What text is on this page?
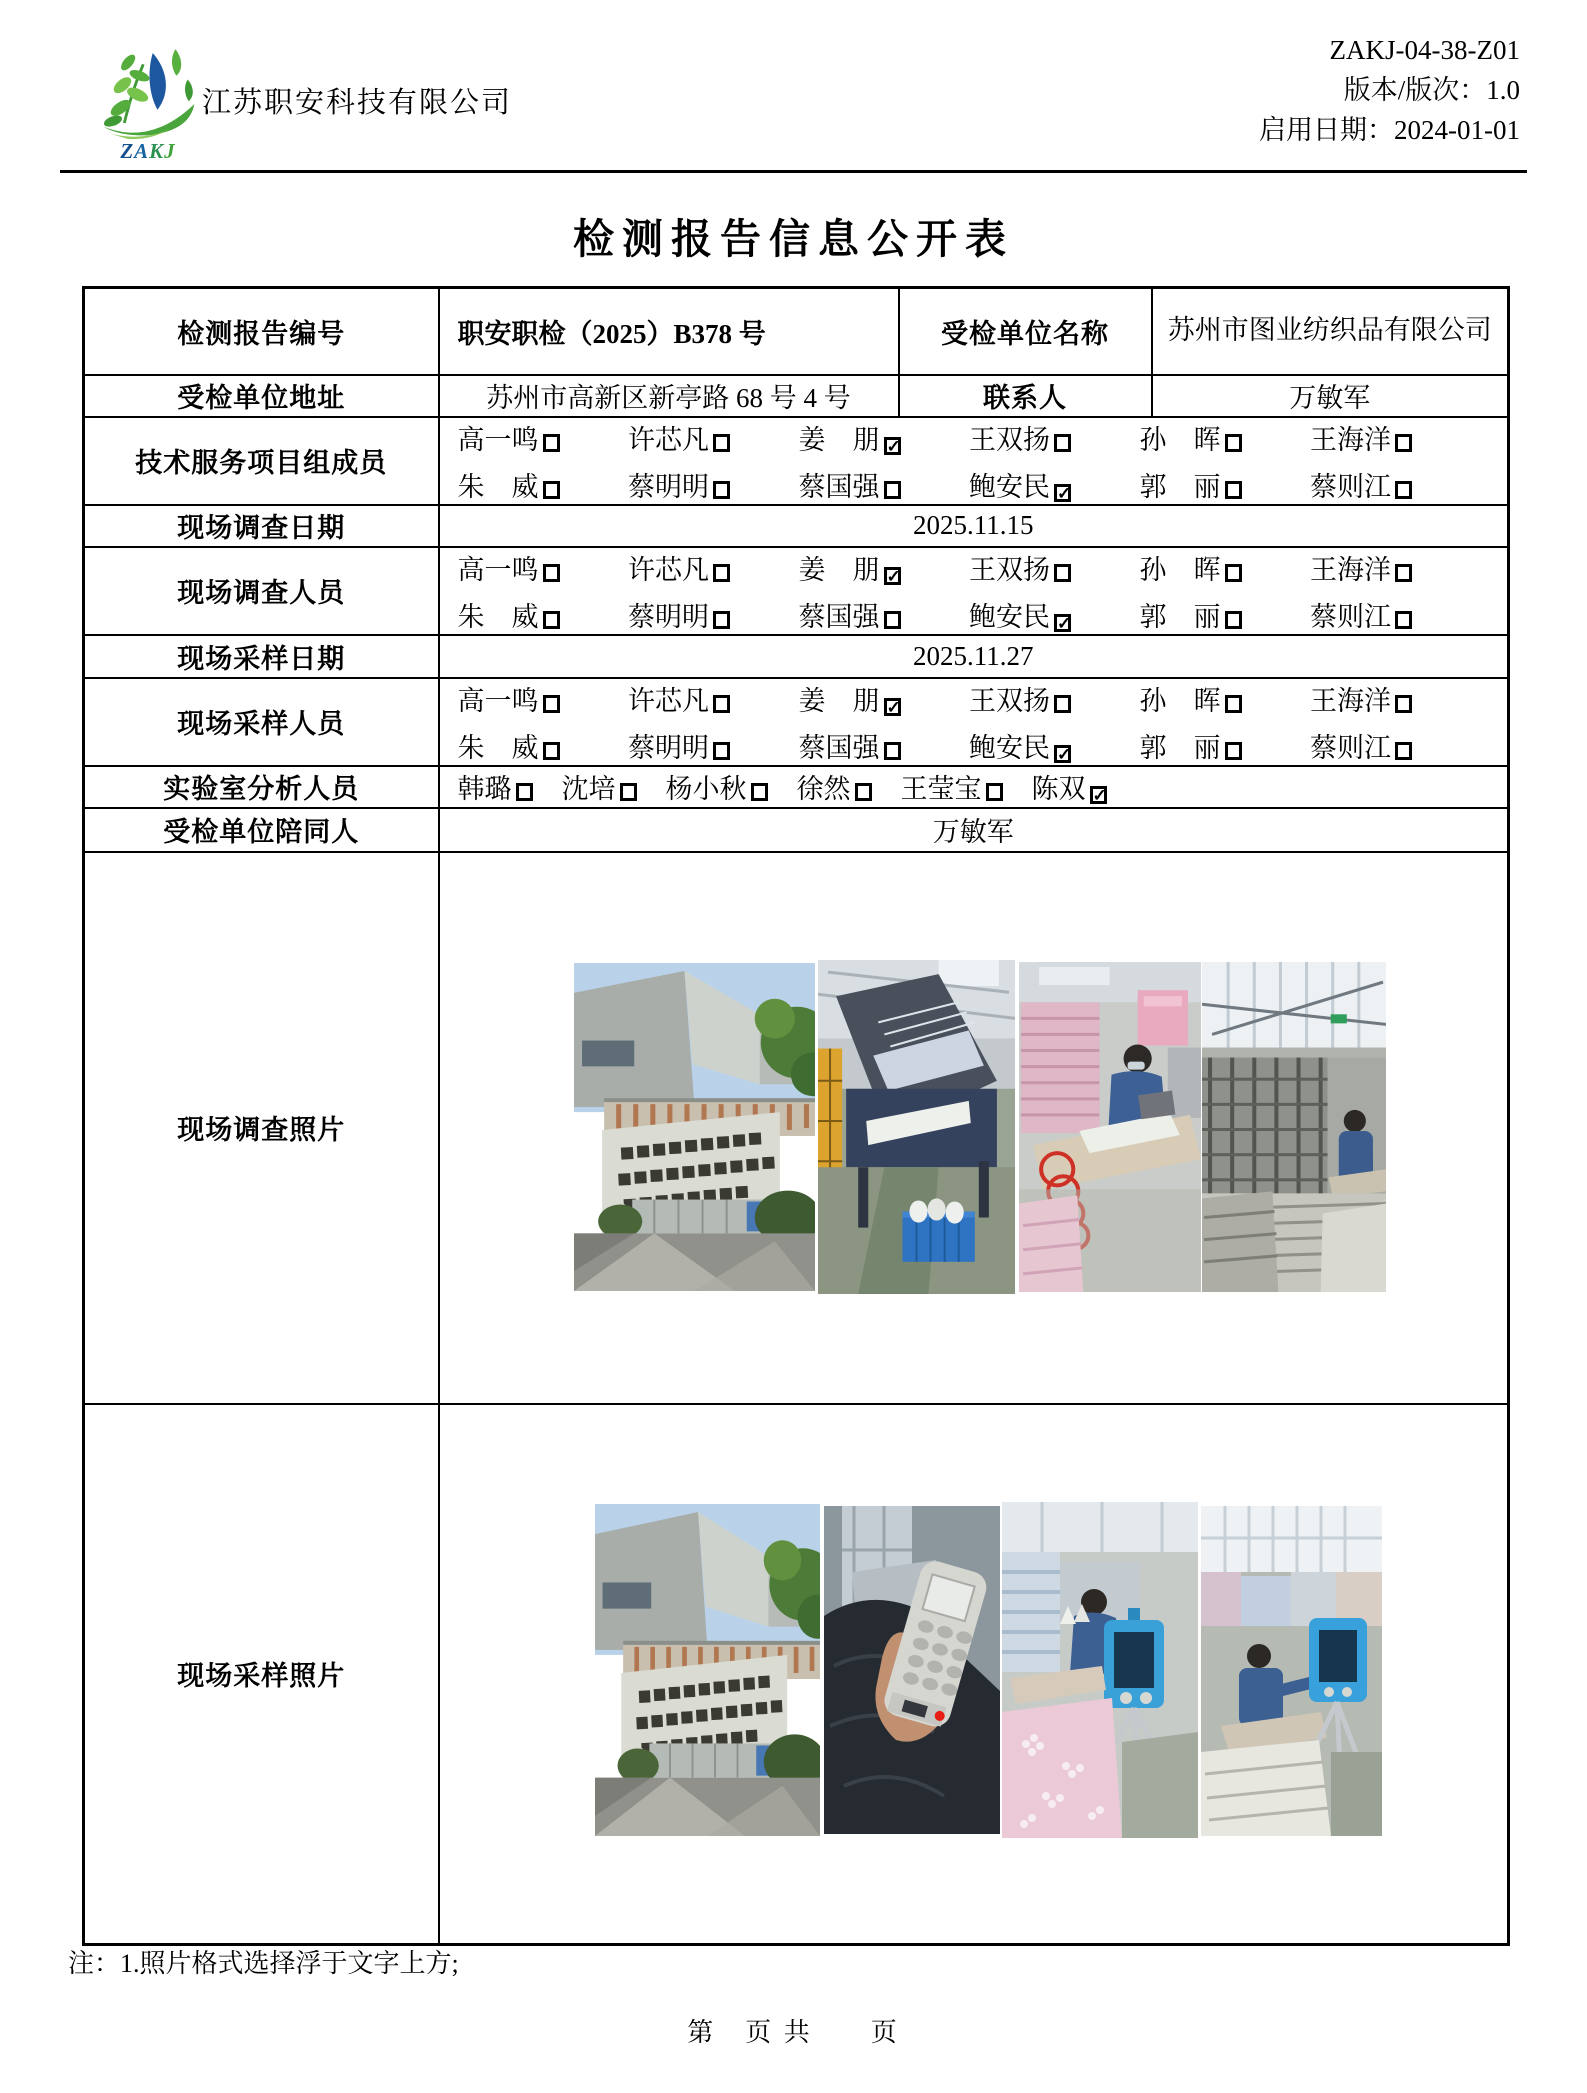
ZAKJ
江苏职安科技有限公司
ZAKJ-04-38-Z01
版本/版次：1.0
启用日期：2024-01-01
检测报告信息公开表
检测报告编号	职安职检（2025）B378 号	受检单位名称	苏州市图业纺织品有限公司
受检单位地址	苏州市高新区新亭路 68 号 4 号	联系人	万敏军
技术服务项目组成员	
高一鸣	许芯凡	姜　朋 ✓	王双扬	孙　晖	王海洋
朱　威	蔡明明	蔡国强	鲍安民 ✓	郭　丽	蔡则江

现场调查日期	2025.11.15		
现场调查人员	
高一鸣	许芯凡	姜　朋 ✓	王双扬	孙　晖	王海洋
朱　威	蔡明明	蔡国强	鲍安民 ✓	郭　丽	蔡则江

现场采样日期	2025.11.27		
现场采样人员	
高一鸣	许芯凡	姜　朋 ✓	王双扬	孙　晖	王海洋
朱　威	蔡明明	蔡国强	鲍安民 ✓	郭　丽	蔡则江

实验室分析人员	韩璐	沈培	杨小秋	徐然	王莹宝	陈双 ✓

受检单位陪同人	万敏军		
现场调查照片	

现场采样照片	
注：1.照片格式选择浮于文字上方;
第　页 共　　页
